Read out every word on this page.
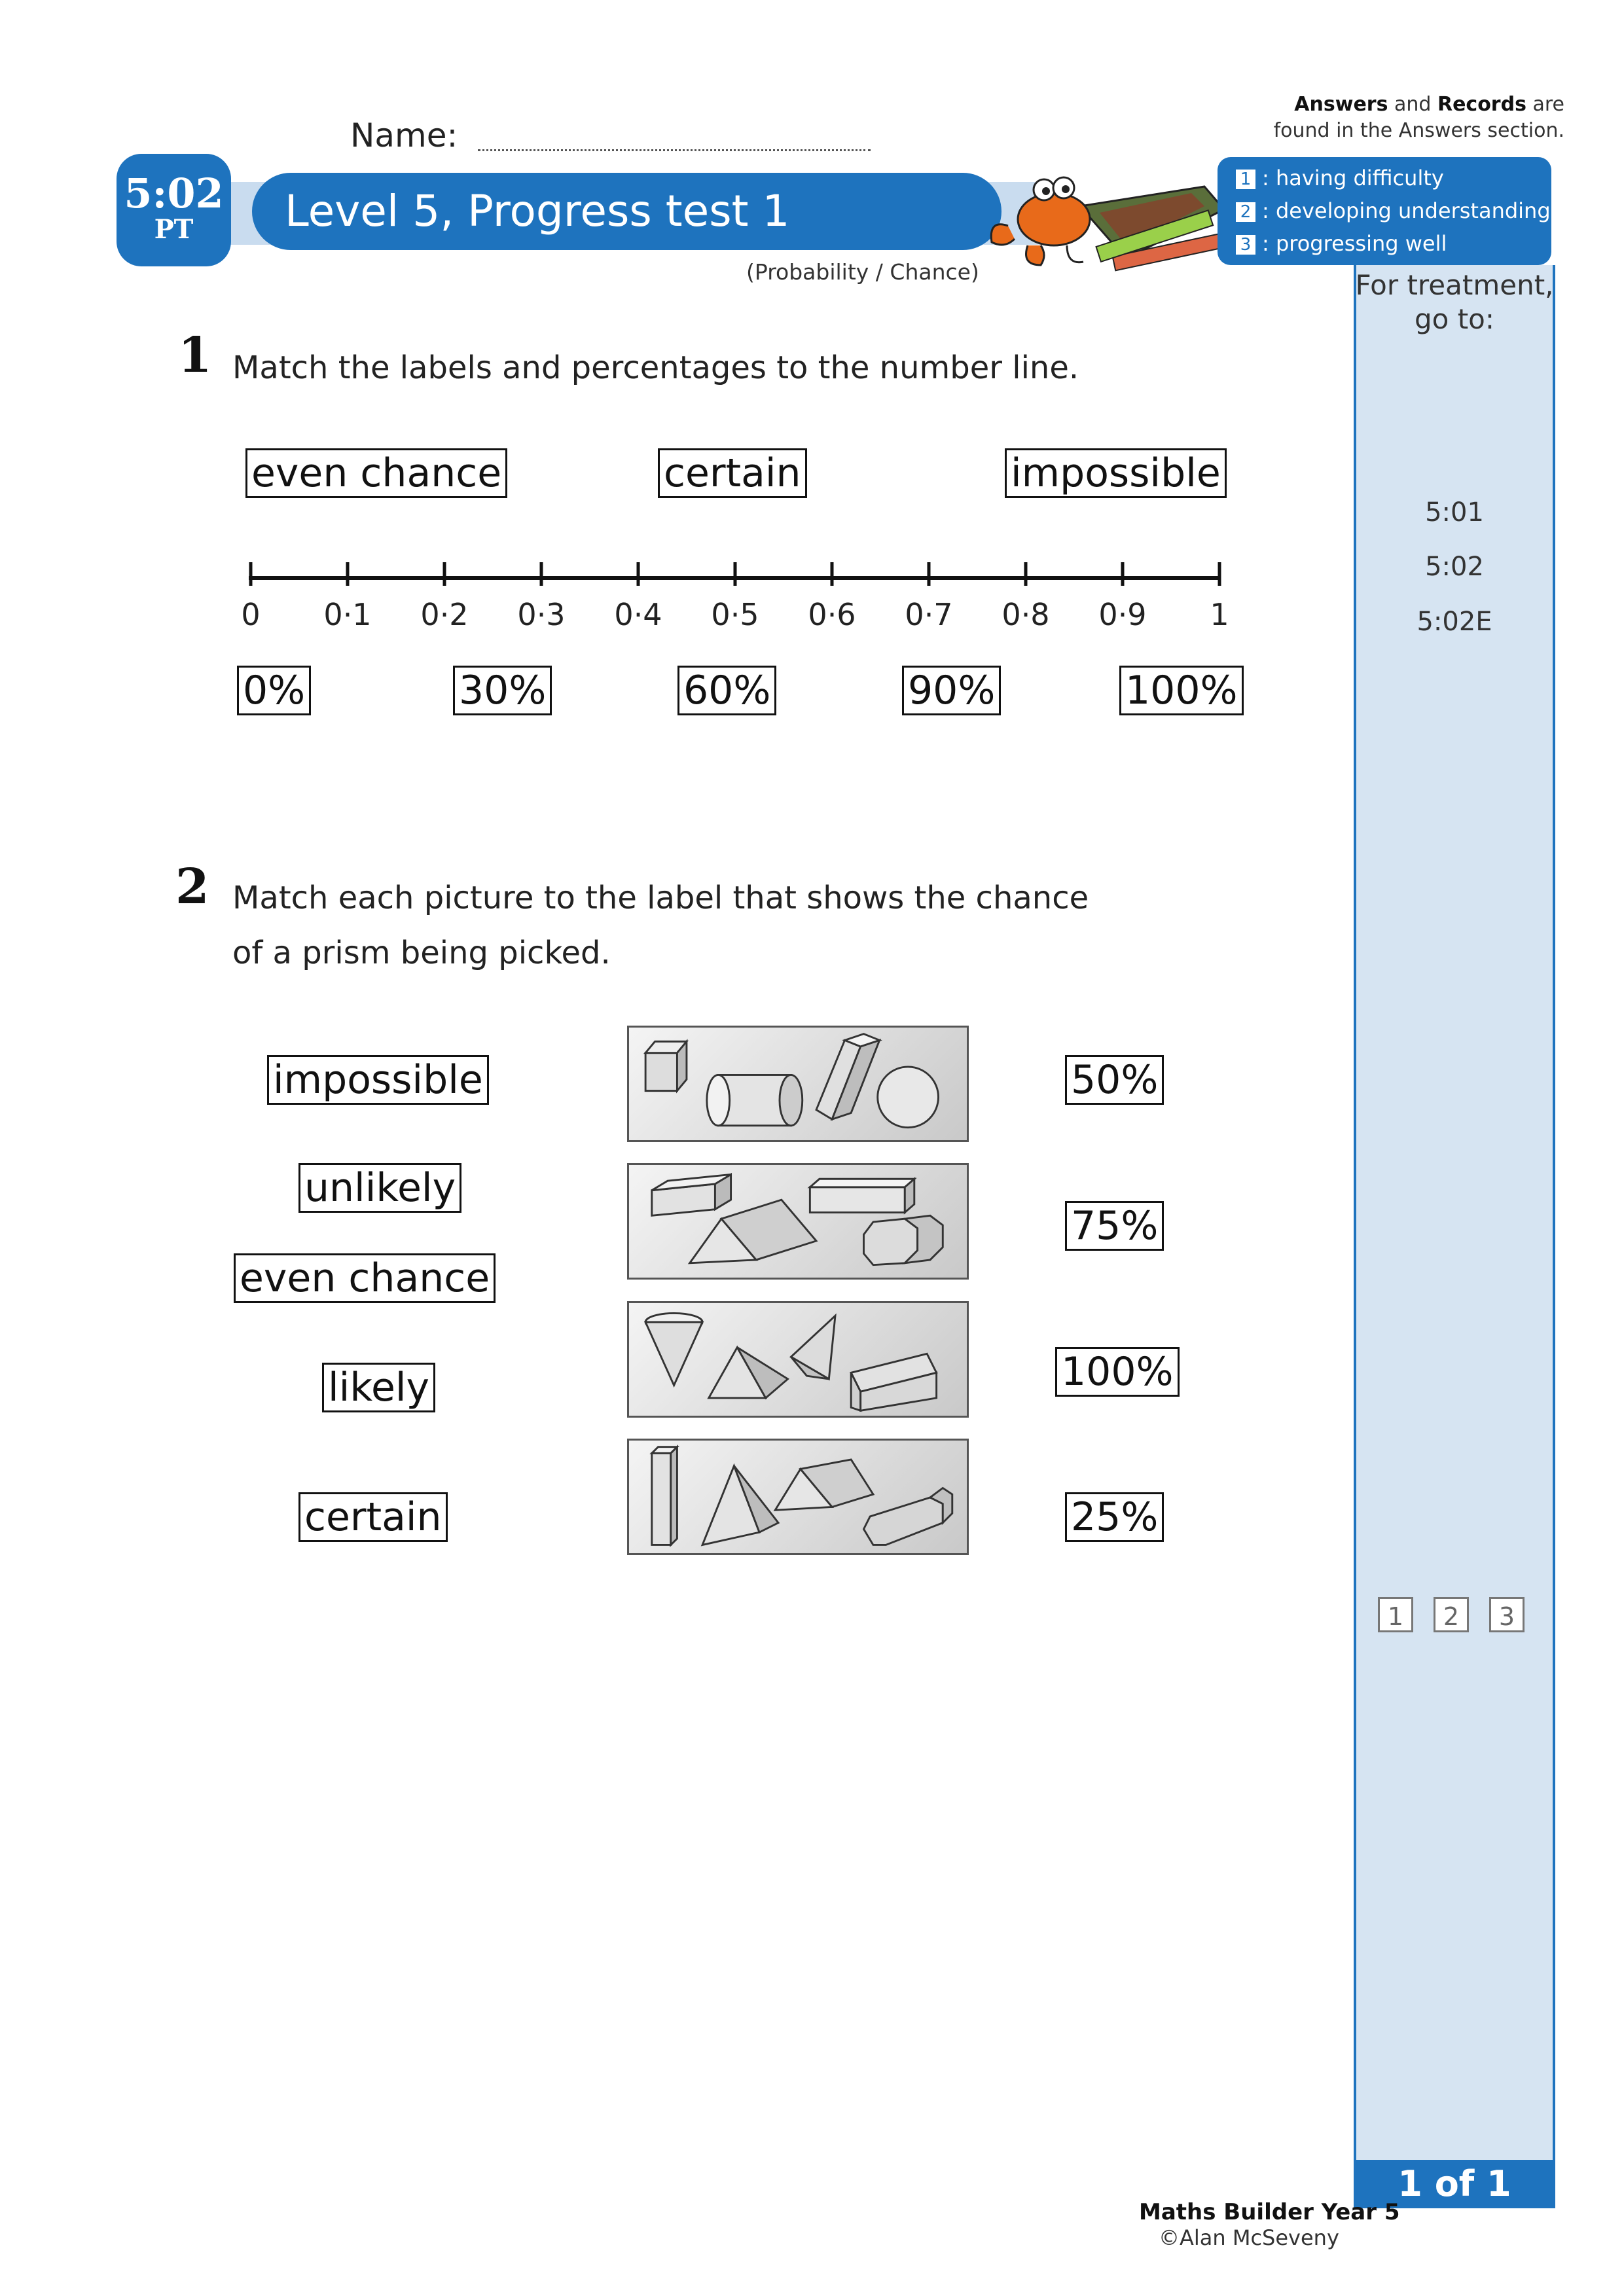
Name:
5:02
PT	Level 5, Progress test 1
(Probability / Chance)
Answers and Records are
found in the Answers section.
1 : having difficulty
2 : developing understanding
3 : progressing well
For treatment,
go to:
5:01
5:02
5:02E
1	2	3
1 of 1
1 Match the labels and percentages to the number line.
even chance	certain	impossible
0 0·1 0·2 0·3 0·4 0·5 0·6 0·7 0·8 0·9 1
0%	30%	60%	90%	100%
2 Match each picture to the label that shows the chance
of a prism being picked.
impossible
unlikely
even chance
likely
certain
50%
75%
100%
25%
Maths Builder Year 5
©Alan McSeveny
